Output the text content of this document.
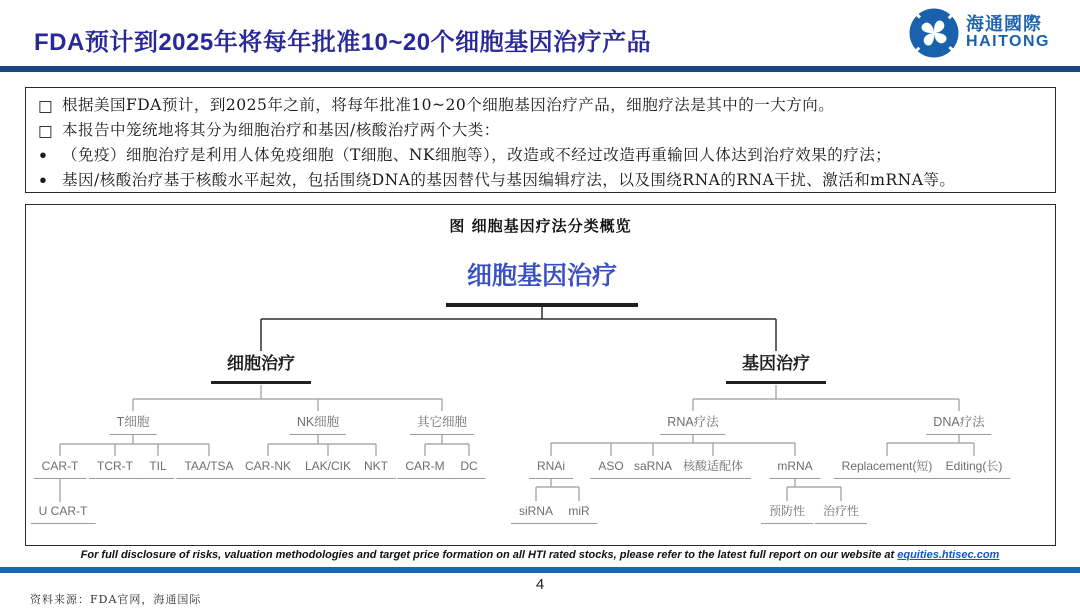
FDA预计到2025年将每年批准10~20个细胞基因治疗产品
海通國際
HAITONG
□ 根据美国FDA预计，到2025年之前，将每年批准10~20个细胞基因治疗产品，细胞疗法是其中的一大方向。
□ 本报告中笼统地将其分为细胞治疗和基因/核酸治疗两个大类：
• （免疫）细胞治疗是利用人体免疫细胞（T细胞、NK细胞等），改造或不经过改造再重输回人体达到治疗效果的疗法；
• 基因/核酸治疗基于核酸水平起效，包括围绕DNA的基因替代与基因编辑疗法，以及围绕RNA的RNA干扰、激活和mRNA等。
图 细胞基因疗法分类概览
细胞基因治疗
细胞治疗	基因治疗
T细胞	NK细胞	其它细胞	RNA疗法	DNA疗法
CAR-T	TCR-T	TIL	TAA/TSA CAR-NK	LAK/CIK	NKT	CAR-M	DC	RNAi	ASO saRNA 核酸适配体	mRNA	Replacement(短)	Editing(长)
U CAR-T	siRNA	miR	预防性	治疗性
For full disclosure of risks, valuation methodologies and target price formation on all HTI rated stocks, please refer to the latest full report on our website at equities.htisec.com
4
资料来源：FDA官网，海通国际
